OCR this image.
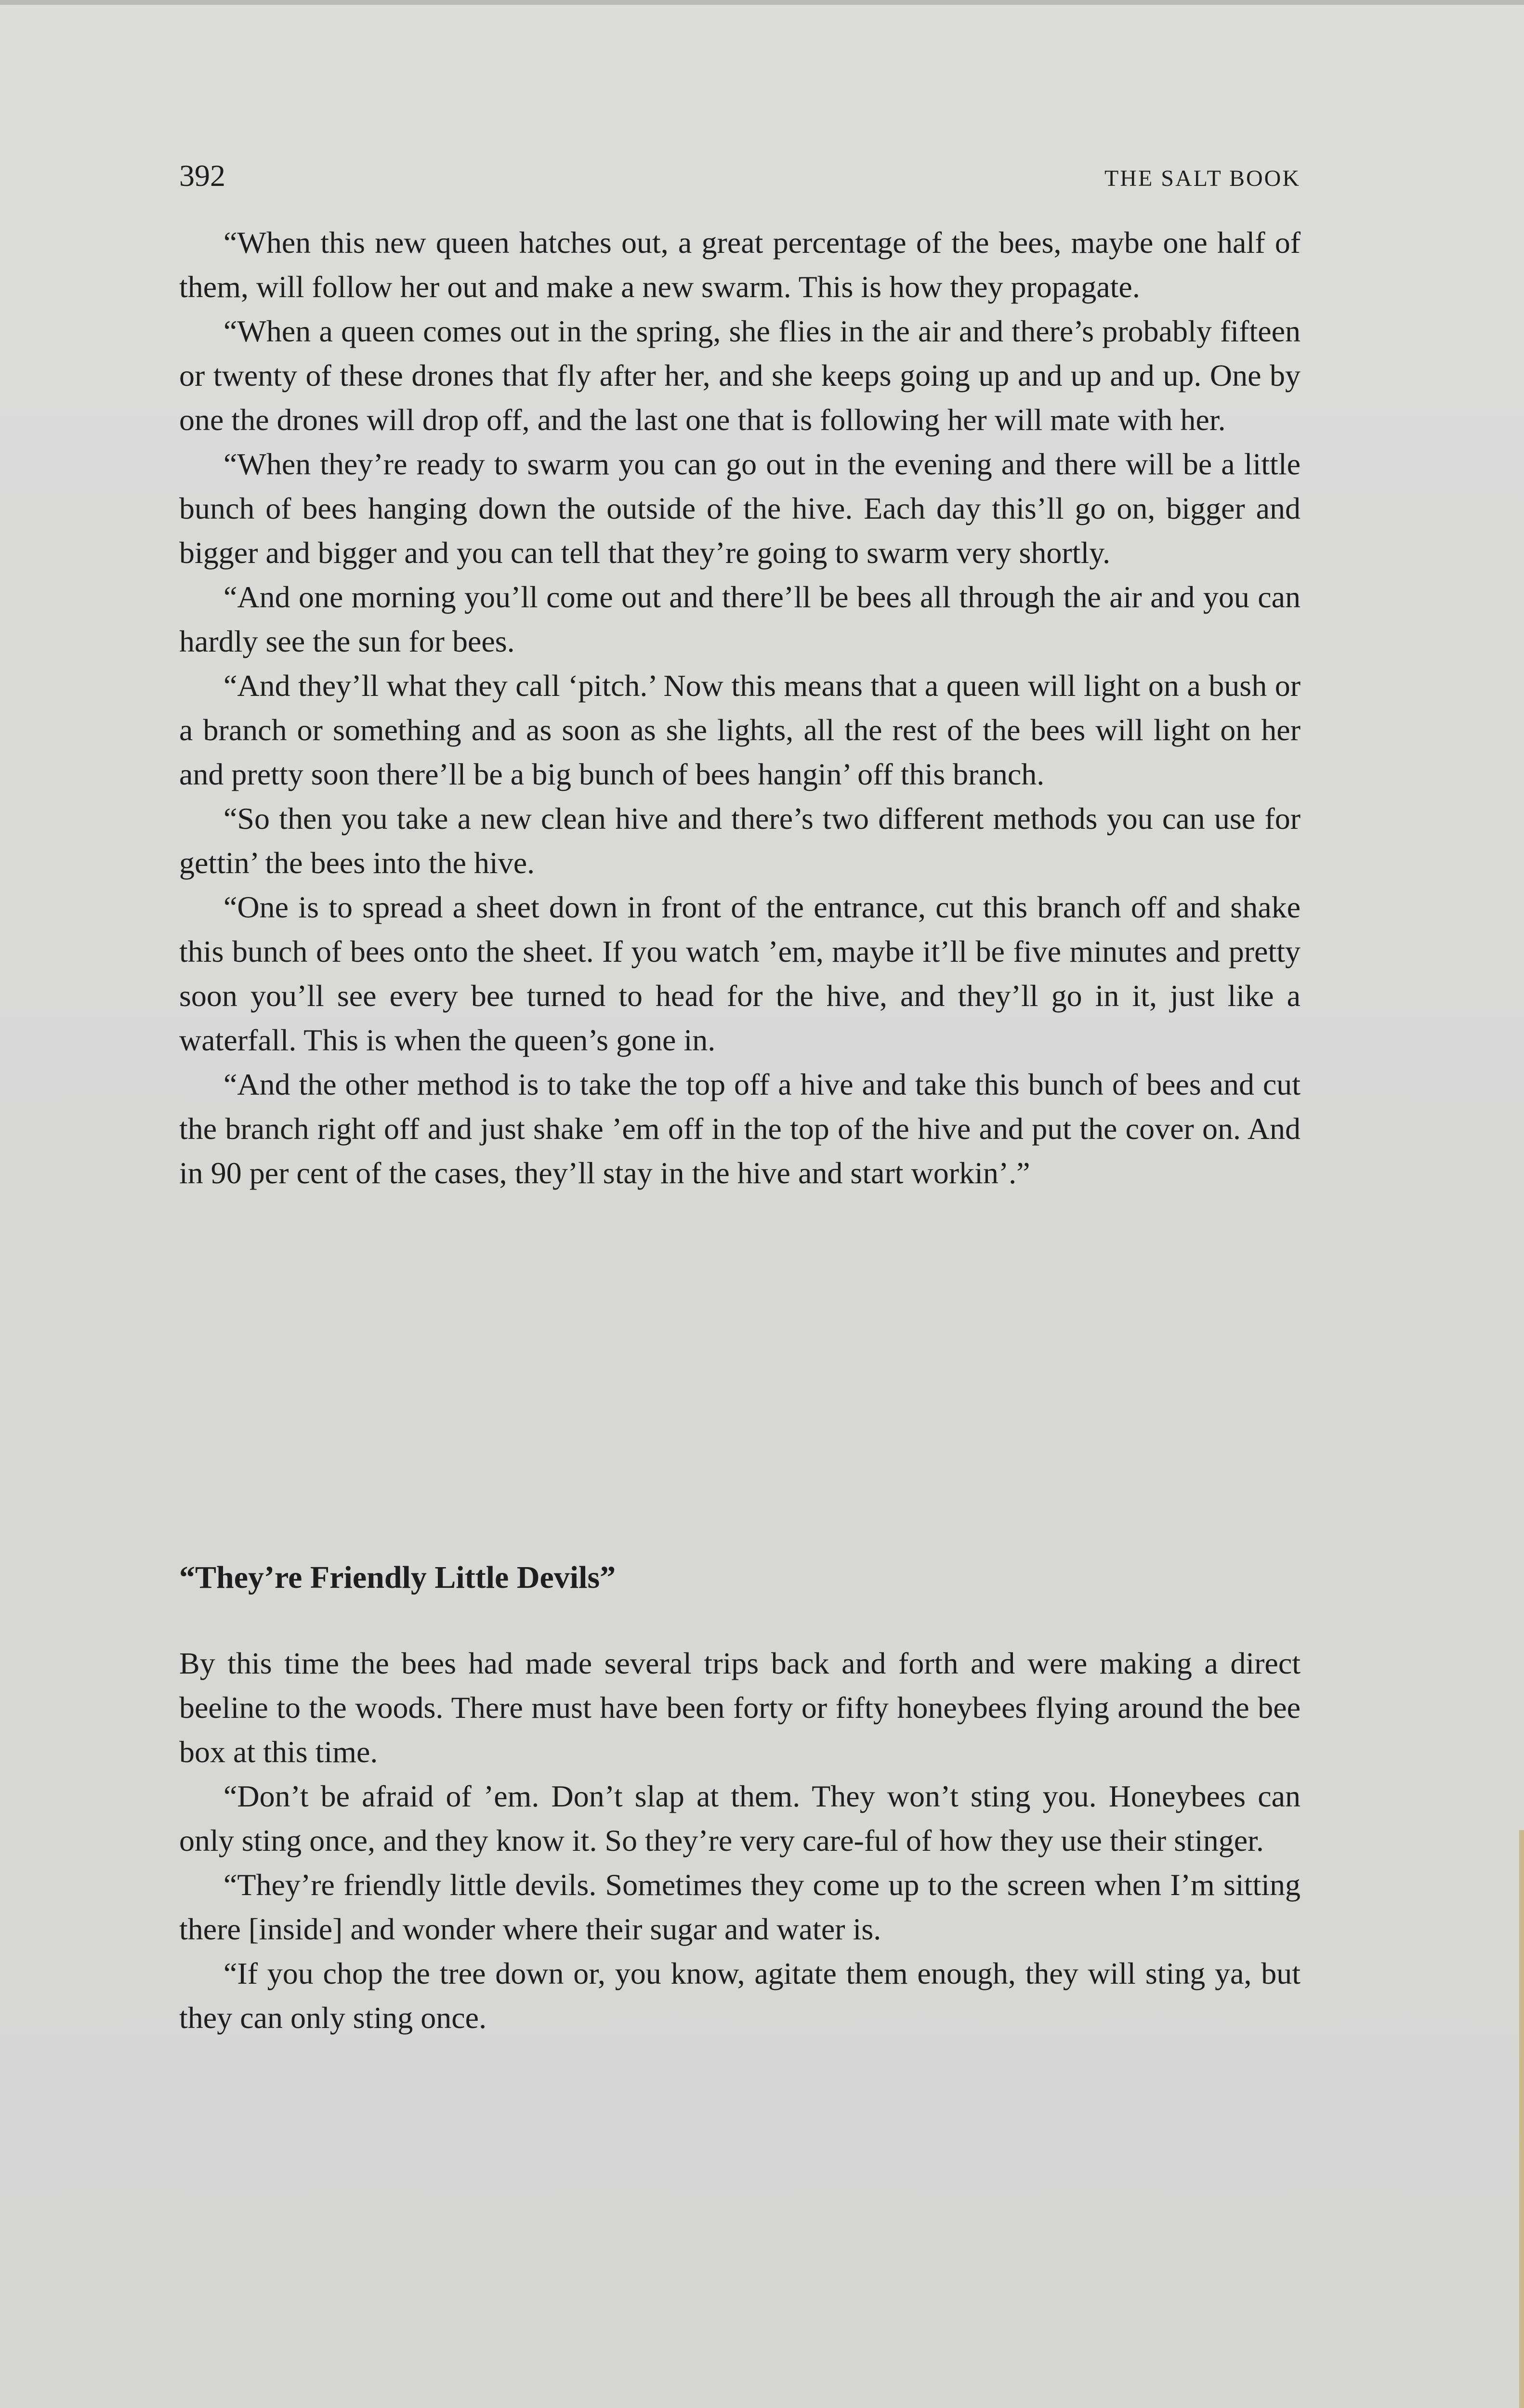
392	THE SALT BOOK

“When this new queen hatches out, a great percentage of the bees, maybe one half of them, will follow her out and make a new swarm. This is how they propagate.

“When a queen comes out in the spring, she flies in the air and there’s probably fifteen or twenty of these drones that fly after her, and she keeps going up and up and up. One by one the drones will drop off, and the last one that is following her will mate with her.

“When they’re ready to swarm you can go out in the evening and there will be a little bunch of bees hanging down the outside of the hive. Each day this’ll go on, bigger and bigger and bigger and you can tell that they’re going to swarm very shortly.

“And one morning you’ll come out and there’ll be bees all through the air and you can hardly see the sun for bees.

“And they’ll what they call ‘pitch.’ Now this means that a queen will light on a bush or a branch or something and as soon as she lights, all the rest of the bees will light on her and pretty soon there’ll be a big bunch of bees hangin’ off this branch.

“So then you take a new clean hive and there’s two different methods you can use for gettin’ the bees into the hive.

“One is to spread a sheet down in front of the entrance, cut this branch off and shake this bunch of bees onto the sheet. If you watch ’em, maybe it’ll be five minutes and pretty soon you’ll see every bee turned to head for the hive, and they’ll go in it, just like a waterfall. This is when the queen’s gone in.

“And the other method is to take the top off a hive and take this bunch of bees and cut the branch right off and just shake ’em off in the top of the hive and put the cover on. And in 90 per cent of the cases, they’ll stay in the hive and start workin’.”

“They’re Friendly Little Devils”

By this time the bees had made several trips back and forth and were making a direct beeline to the woods. There must have been forty or fifty honeybees flying around the bee box at this time.

“Don’t be afraid of ’em. Don’t slap at them. They won’t sting you. Honeybees can only sting once, and they know it. So they’re very care-ful of how they use their stinger.

“They’re friendly little devils. Sometimes they come up to the screen when I’m sitting there [inside] and wonder where their sugar and water is.

“If you chop the tree down or, you know, agitate them enough, they will sting ya, but they can only sting once.
